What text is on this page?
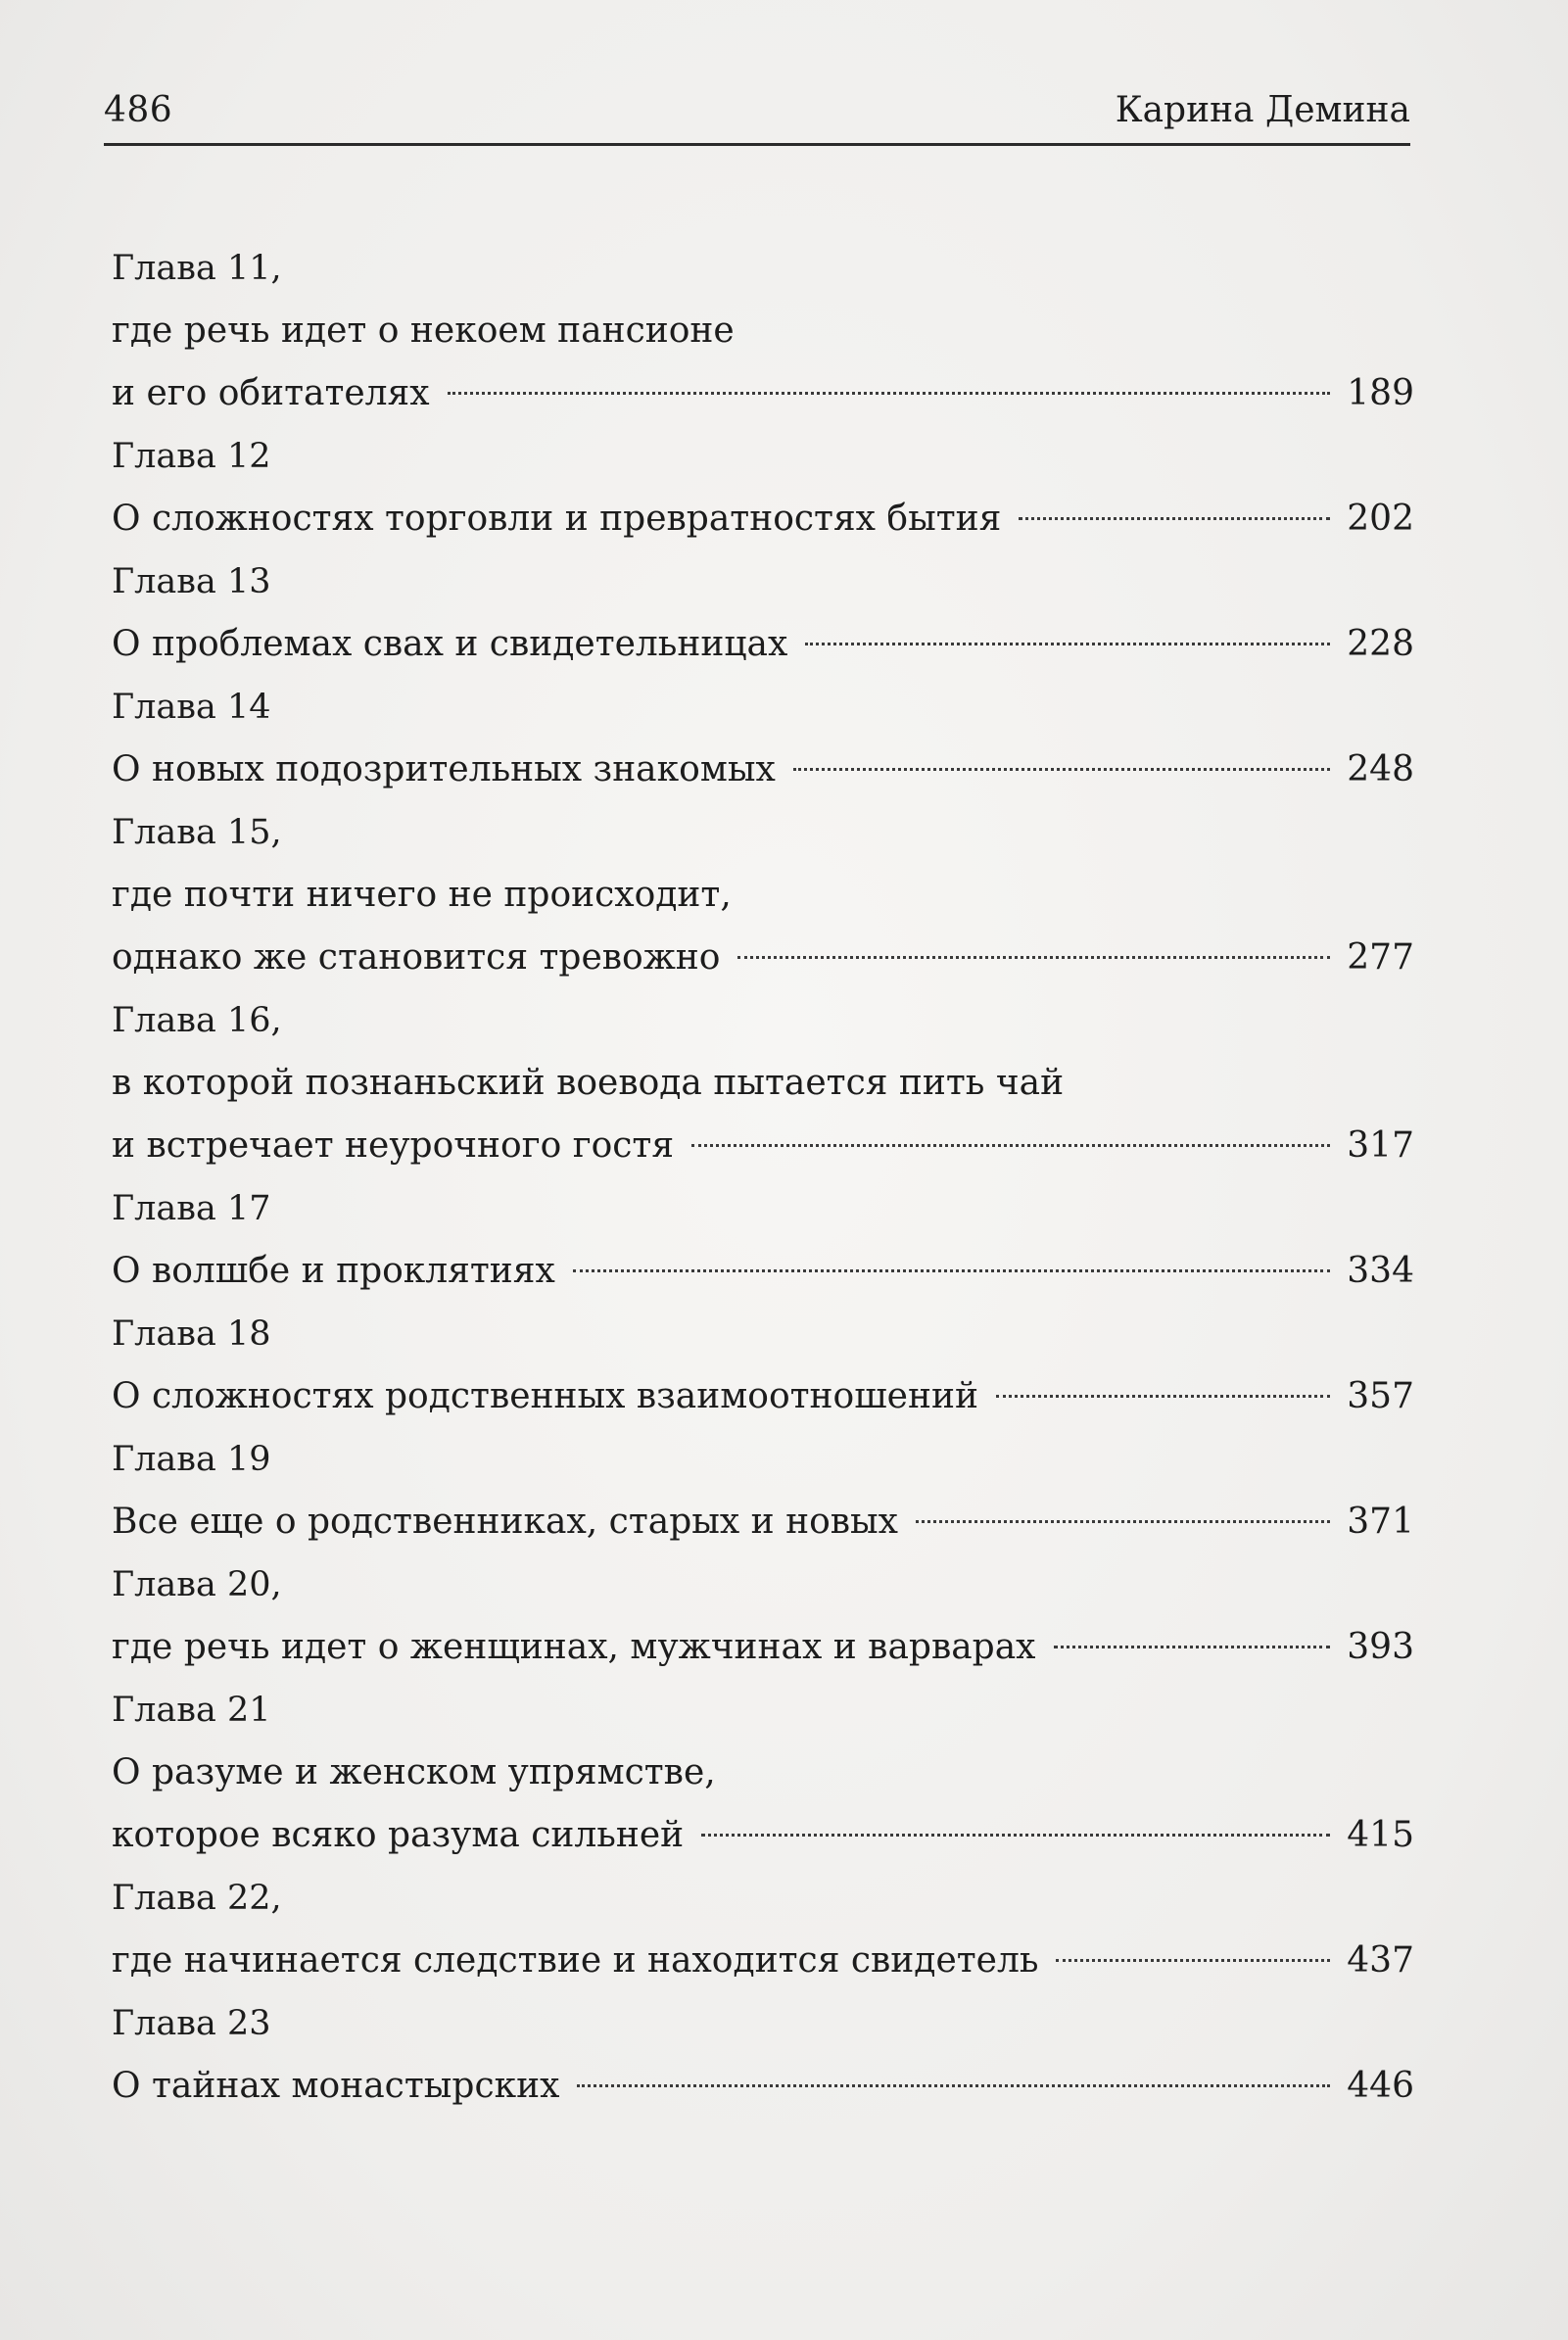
486	Карина Демина
Глава 11,
где речь идет о некоем пансионе
и его обитателях	189
Глава 12
О сложностях торговли и превратностях бытия	202
Глава 13
О проблемах свах и свидетельницах	228
Глава 14
О новых подозрительных знакомых	248
Глава 15,
где почти ничего не происходит,
однако же становится тревожно	277
Глава 16,
в которой познаньский воевода пытается пить чай
и встречает неурочного гостя	317
Глава 17
О волшбе и проклятиях	334
Глава 18
О сложностях родственных взаимоотношений	357
Глава 19
Все еще о родственниках, старых и новых	371
Глава 20,
где речь идет о женщинах, мужчинах и варварах	393
Глава 21
О разуме и женском упрямстве,
которое всяко разума сильней	415
Глава 22,
где начинается следствие и находится свидетель	437
Глава 23
О тайнах монастырских	446
